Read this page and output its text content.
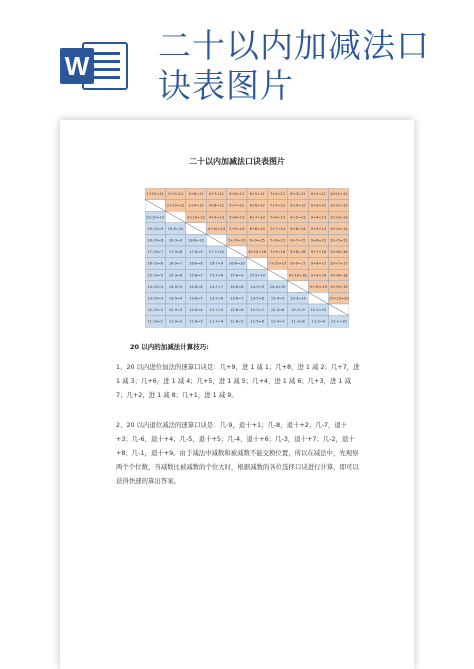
W
二十以内加减法口
诀表图片
二十以内加减法口诀表图片
1+10=11 2+9=11 3+8=11 4+7=11 5+6=11 6+5=11 7+4=11 8+3=11 9+2=11 10+1=11
2+10=12 3+9=12 4+8=12 5+7=12 6+6=12 7+5=12 8+4=12 9+3=12 10+2=12
20-10=10	3+10=13 4+9=13 5+8=13 6+7=13 7+6=13 8+5=13 9+4=13 10+3=13
19-10=9 19-9=10	4+10=14 5+9=14 6+8=14 7+7=14 8+6=14 9+5=14 10+4=14
18-10=8 18-9=9 18-8=10	5+10=15 6+9=15 7+8=15 8+7=15 9+6=15 10+5=15
17-10=7 17-9=8 17-8=9 17-7=10	6+10=16 7+9=16 8+8=16 9+7=16 10+6=16
16-10=6 16-9=7 16-8=8 16-7=9 16-6=10	7+10=17 8+9=17 9+8=17 10+7=17
15-10=5 15-9=6 15-8=7 15-7=8 15-6=9 15-5=10	8+10=18 9+9=18 10+8=18
14-10=4 14-9=5 14-8=6 14-7=7 14-6=8 14-5=9 14-4=10	9+10=19 10+9=19
13-10=3 13-9=4 13-8=5 13-7=6 13-6=7 13-5=8 13-4=9 13-3=10	10+10=20
12-10=2 12-9=3 12-8=4 12-7=5 12-6=6 12-5=7 12-4=8 12-3=9 12-2=10
11-10=1 11-9=2 11-8=3 11-7=4 11-6=5 11-5=6 11-4=7 11-3=8 11-2=9 11-1=10
20 以内的加减法计算技巧:
1、20 以内进位加法的速算口诀是：几+9，进 1 减 1；几+8，进 1 减 2；几+7，进 1 减 3；几+6，进 1 减 4；几+5，进 1 减 5；几+4，进 1 减 6；几+3，进 1 减 7；几+2，进 1 减 8；几+1，进 1 减 9。
2、20 以内退位减法的速算口诀是：几-9，退十+1；几-8，退十+2；几-7，退十+3；几-6，退十+4；几-5，退十+5；几-4，退十+6；几-3，退十+7；几-2，退十+8；几-1，退十+9。由于减法中减数和被减数不能交换位置，所以在减法中，先观察两个个位数，当减数比被减数的个位大时，根据减数的各位选择口诀进行计算，即可以获得快速的算出答案。
